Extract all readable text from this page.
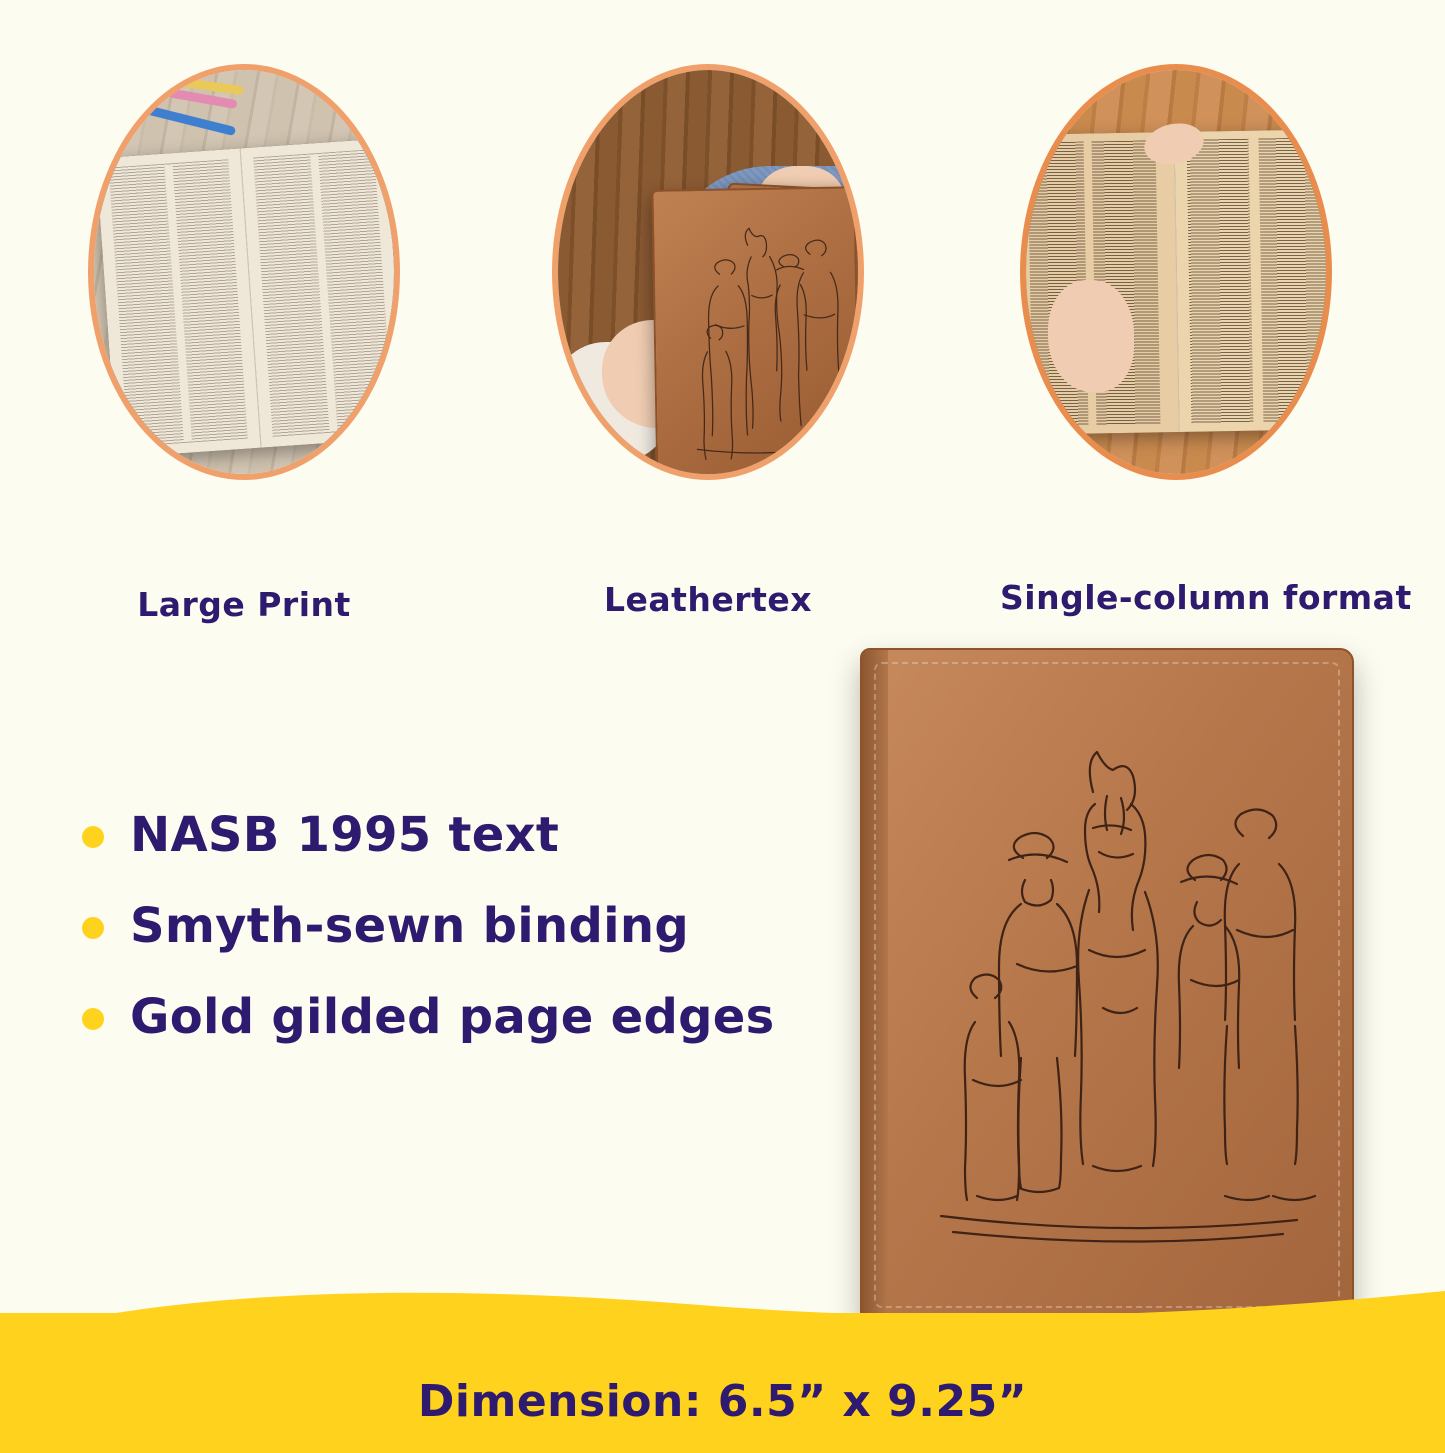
Large Print	Leathertex	Single-column format
NASB 1995 text
Smyth-sewn binding
Gold gilded page edges
Dimension: 6.5” x 9.25”
